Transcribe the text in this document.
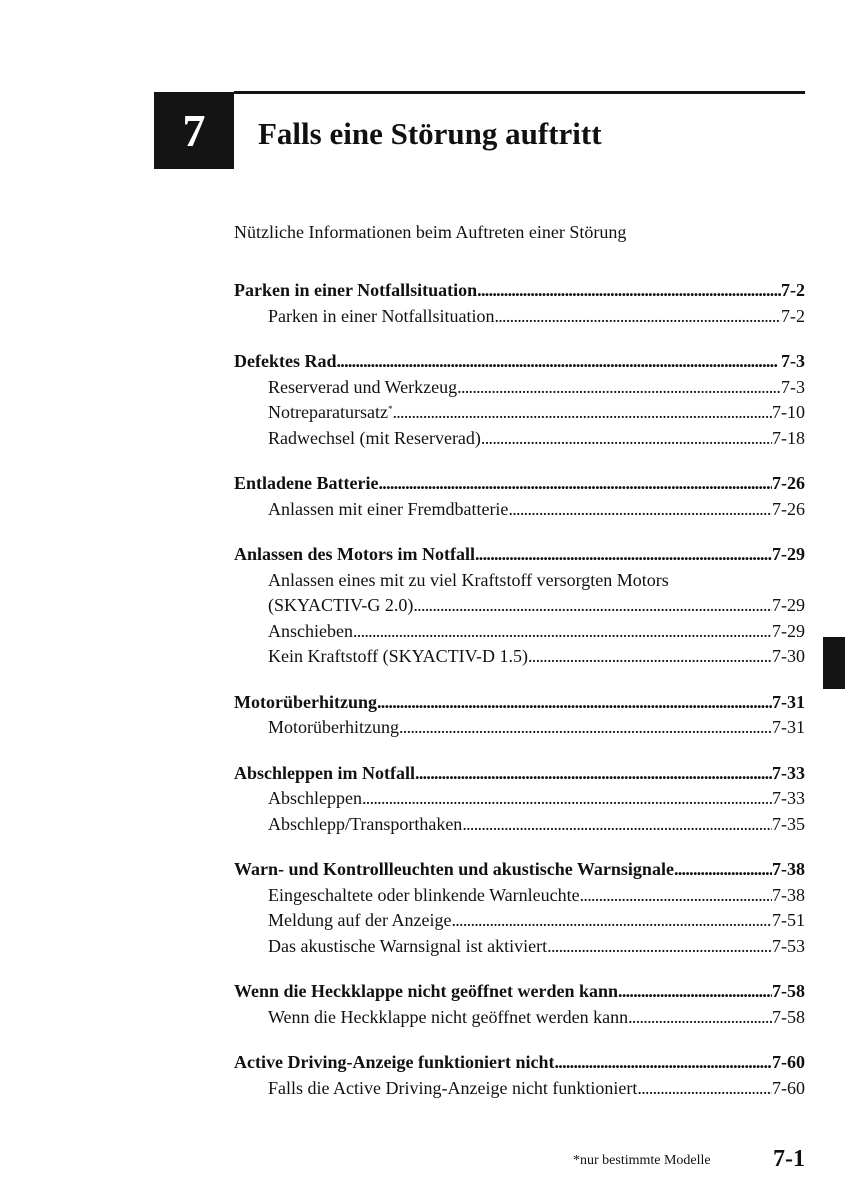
7	Falls eine Störung auftritt
Nützliche Informationen beim Auftreten einer Störung
Parken in einer Notfallsituation . . .	7-2
Parken in einer Notfallsituation . . .	7-2
Defektes Rad . . .	7-3
Reserverad und Werkzeug . . .	7-3
Notreparatursatz* . . .	7-10
Radwechsel (mit Reserverad) . . .	7-18
Entladene Batterie . . .	7-26
Anlassen mit einer Fremdbatterie . . .	7-26
Anlassen des Motors im Notfall . . .	7-29
Anlassen eines mit zu viel Kraftstoff versorgten Motors
(SKYACTIV-G 2.0) . . .	7-29
Anschieben . . .	7-29
Kein Kraftstoff (SKYACTIV-D 1.5) . . .	7-30
Motorüberhitzung . . .	7-31
Motorüberhitzung . . .	7-31
Abschleppen im Notfall . . .	7-33
Abschleppen . . .	7-33
Abschlepp/Transporthaken . . .	7-35
Warn- und Kontrollleuchten und akustische Warnsignale . . .	7-38
Eingeschaltete oder blinkende Warnleuchte . . .	7-38
Meldung auf der Anzeige . . .	7-51
Das akustische Warnsignal ist aktiviert . . .	7-53
Wenn die Heckklappe nicht geöffnet werden kann . . .	7-58
Wenn die Heckklappe nicht geöffnet werden kann . . .	7-58
Active Driving-Anzeige funktioniert nicht . . .	7-60
Falls die Active Driving-Anzeige nicht funktioniert . . .	7-60
*nur bestimmte Modelle	7-1
